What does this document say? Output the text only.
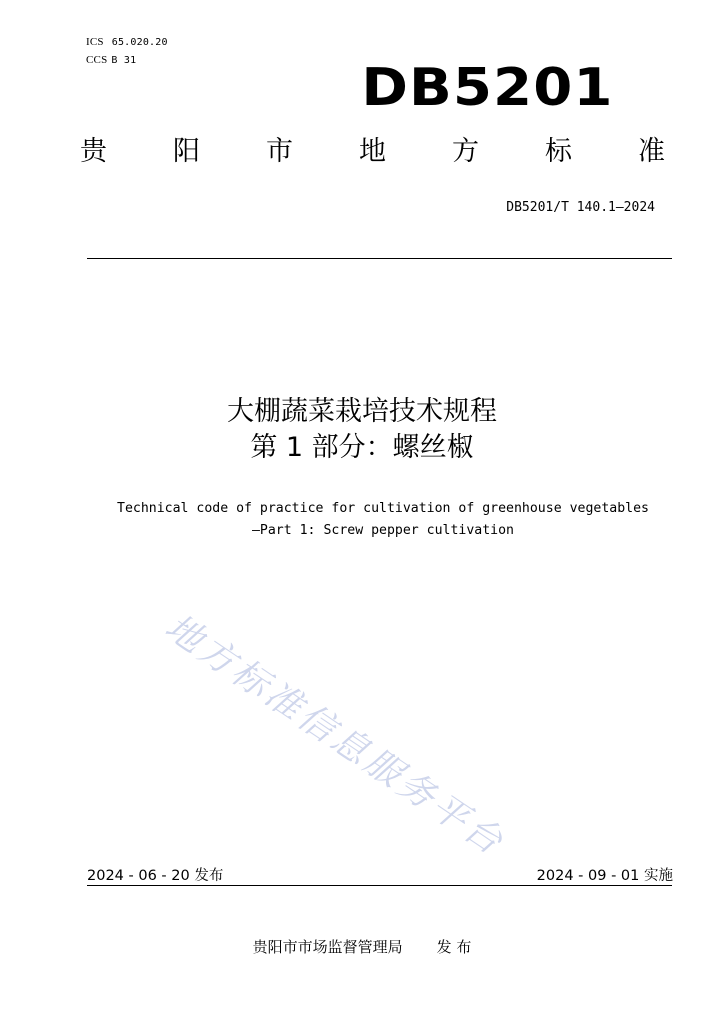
ICS 65.020.20
CCS B 31	DB5201
贵 阳 市 地 方 标 准
DB5201/T 140.1—2024
大棚蔬菜栽培技术规程
第 1 部分：螺丝椒
Technical code of practice for cultivation of greenhouse vegetables
—Part 1: Screw pepper cultivation
地方标准信息服务平台
2024 - 06 - 20 发布	2024 - 09 - 01 实施
贵阳市市场监督管理局 发 布
